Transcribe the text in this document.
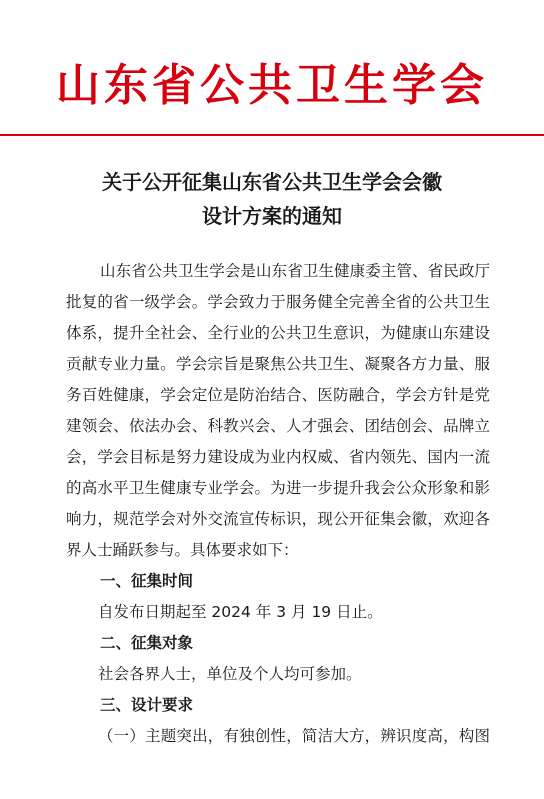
山东省公共卫生学会
关于公开征集山东省公共卫生学会会徽
设计方案的通知
山东省公共卫生学会是山东省卫生健康委主管、省民政厅
批复的省一级学会。学会致力于服务健全完善全省的公共卫生
体系，提升全社会、全行业的公共卫生意识，为健康山东建设
贡献专业力量。学会宗旨是聚焦公共卫生、凝聚各方力量、服
务百姓健康，学会定位是防治结合、医防融合，学会方针是党
建领会、依法办会、科教兴会、人才强会、团结创会、品牌立
会，学会目标是努力建设成为业内权威、省内领先、国内一流
的高水平卫生健康专业学会。为进一步提升我会公众形象和影
响力，规范学会对外交流宣传标识，现公开征集会徽，欢迎各
界人士踊跃参与。具体要求如下：
一、征集时间
自发布日期起至 2024 年 3 月 19 日止。
二、征集对象
社会各界人士，单位及个人均可参加。
三、设计要求
（一）主题突出，有独创性，简洁大方，辨识度高，构图
